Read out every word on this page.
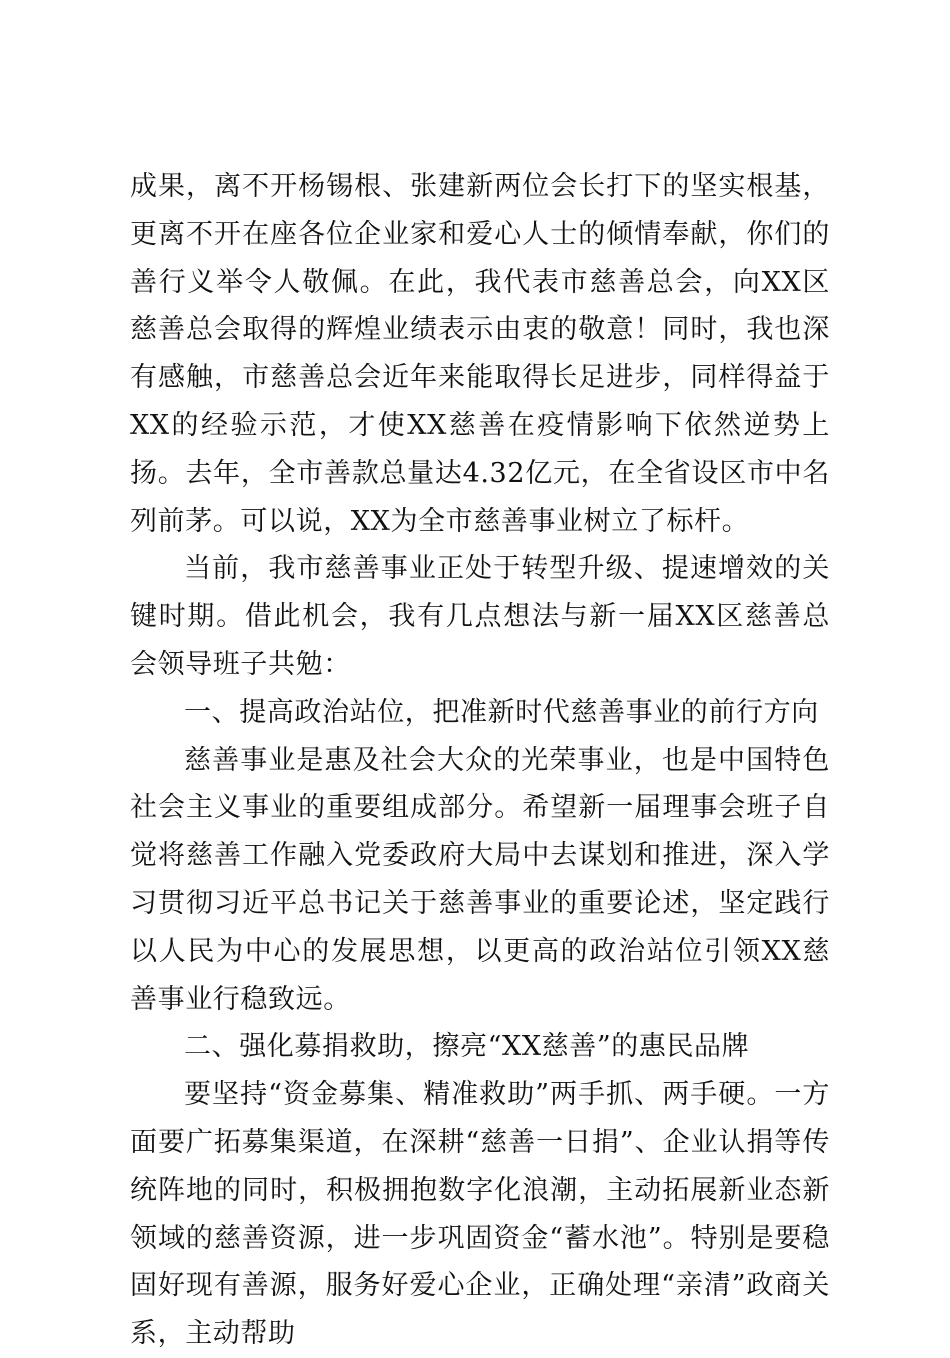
成果，离不开杨锡根、张建新两位会长打下的坚实根基，更离不开在座各位企业家和爱心人士的倾情奉献，你们的善行义举令人敬佩。在此，我代表市慈善总会，向XX区慈善总会取得的辉煌业绩表示由衷的敬意！同时，我也深有感触，市慈善总会近年来能取得长足进步，同样得益于XX的经验示范，才使XX慈善在疫情影响下依然逆势上扬。去年，全市善款总量达4.32亿元，在全省设区市中名列前茅。可以说，XX为全市慈善事业树立了标杆。

当前，我市慈善事业正处于转型升级、提速增效的关键时期。借此机会，我有几点想法与新一届XX区慈善总会领导班子共勉：

一、提高政治站位，把准新时代慈善事业的前行方向

慈善事业是惠及社会大众的光荣事业，也是中国特色社会主义事业的重要组成部分。希望新一届理事会班子自觉将慈善工作融入党委政府大局中去谋划和推进，深入学习贯彻习近平总书记关于慈善事业的重要论述，坚定践行以人民为中心的发展思想，以更高的政治站位引领XX慈善事业行稳致远。

二、强化募捐救助，擦亮“XX慈善”的惠民品牌

要坚持“资金募集、精准救助”两手抓、两手硬。一方面要广拓募集渠道，在深耕“慈善一日捐”、企业认捐等传统阵地的同时，积极拥抱数字化浪潮，主动拓展新业态新领域的慈善资源，进一步巩固资金“蓄水池”。特别是要稳固好现有善源，服务好爱心企业，正确处理“亲清”政商关系，主动帮助
